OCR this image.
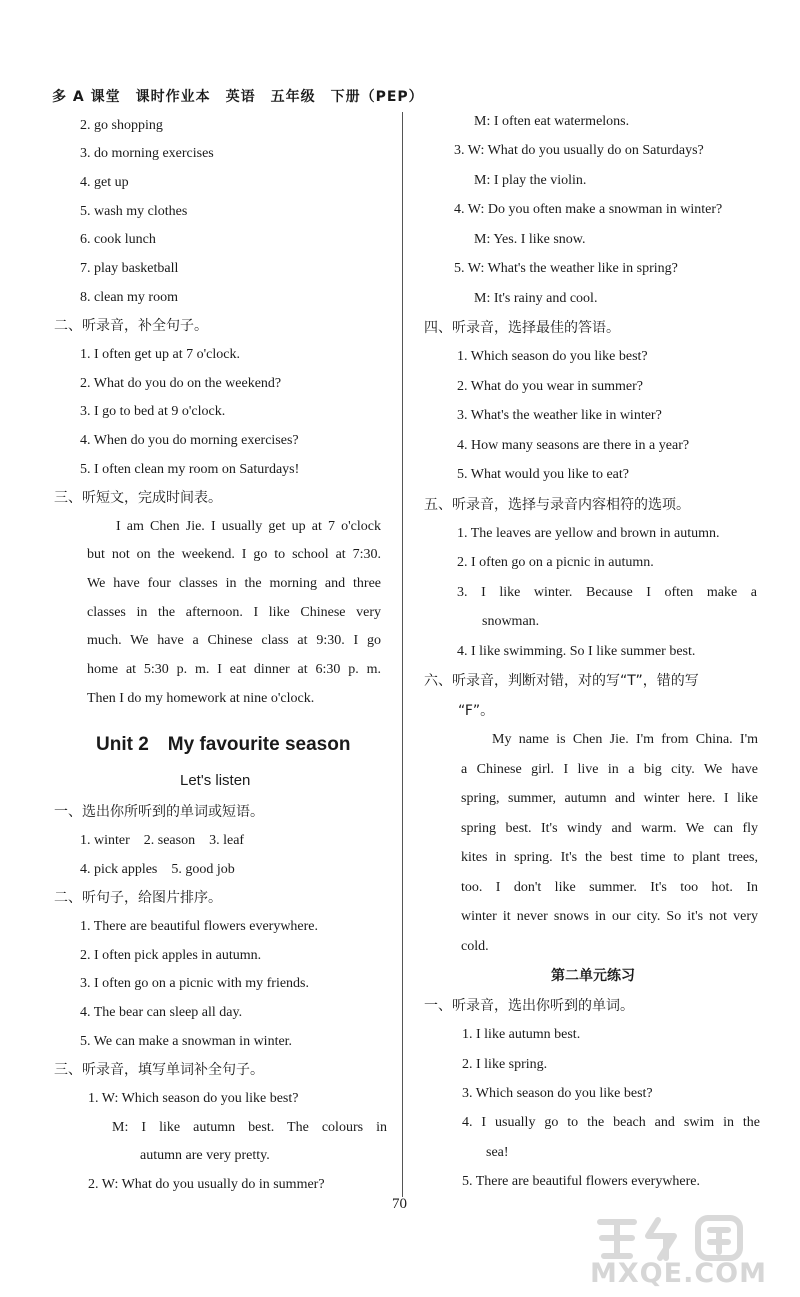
多 A 课堂　课时作业本　英语　五年级　下册（PEP）
2. go shopping
3. do morning exercises
4. get up
5. wash my clothes
6. cook lunch
7. play basketball
8. clean my room
二、听录音，补全句子。
1. I often get up at 7 o'clock.
2. What do you do on the weekend?
3. I go to bed at 9 o'clock.
4. When do you do morning exercises?
5. I often clean my room on Saturdays!
三、听短文，完成时间表。
I am Chen Jie. I usually get up at 7 o'clock
but not on the weekend. I go to school at 7:30.
We have four classes in the morning and three
classes in the afternoon. I like Chinese very
much. We have a Chinese class at 9:30. I go
home at 5:30 p. m. I eat dinner at 6:30 p. m.
Then I do my homework at nine o'clock.
Unit 2　My favourite season
Let's listen
一、选出你所听到的单词或短语。
1. winter　2. season　3. leaf
4. pick apples　5. good job
二、听句子，给图片排序。
1. There are beautiful flowers everywhere.
2. I often pick apples in autumn.
3. I often go on a picnic with my friends.
4. The bear can sleep all day.
5. We can make a snowman in winter.
三、听录音，填写单词补全句子。
1. W: Which season do you like best?
M: I like autumn best. The colours in
autumn are very pretty.
2. W: What do you usually do in summer?
M: I often eat watermelons.
3. W: What do you usually do on Saturdays?
M: I play the violin.
4. W: Do you often make a snowman in winter?
M: Yes. I like snow.
5. W: What's the weather like in spring?
M: It's rainy and cool.
四、听录音，选择最佳的答语。
1. Which season do you like best?
2. What do you wear in summer?
3. What's the weather like in winter?
4. How many seasons are there in a year?
5. What would you like to eat?
五、听录音，选择与录音内容相符的选项。
1. The leaves are yellow and brown in autumn.
2. I often go on a picnic in autumn.
3. I like winter. Because I often make a
snowman.
4. I like swimming. So I like summer best.
六、听录音，判断对错，对的写“T”，错的写
“F”。
My name is Chen Jie. I'm from China. I'm
a Chinese girl. I live in a big city. We have
spring, summer, autumn and winter here. I like
spring best. It's windy and warm. We can fly
kites in spring. It's the best time to plant trees,
too. I don't like summer. It's too hot. In
winter it never snows in our city. So it's not very
cold.
一、听录音，选出你听到的单词。
1. I like autumn best.
2. I like spring.
3. Which season do you like best?
4. I usually go to the beach and swim in the
sea!
5. There are beautiful flowers everywhere.
第二单元练习
70
MXQE.COM
